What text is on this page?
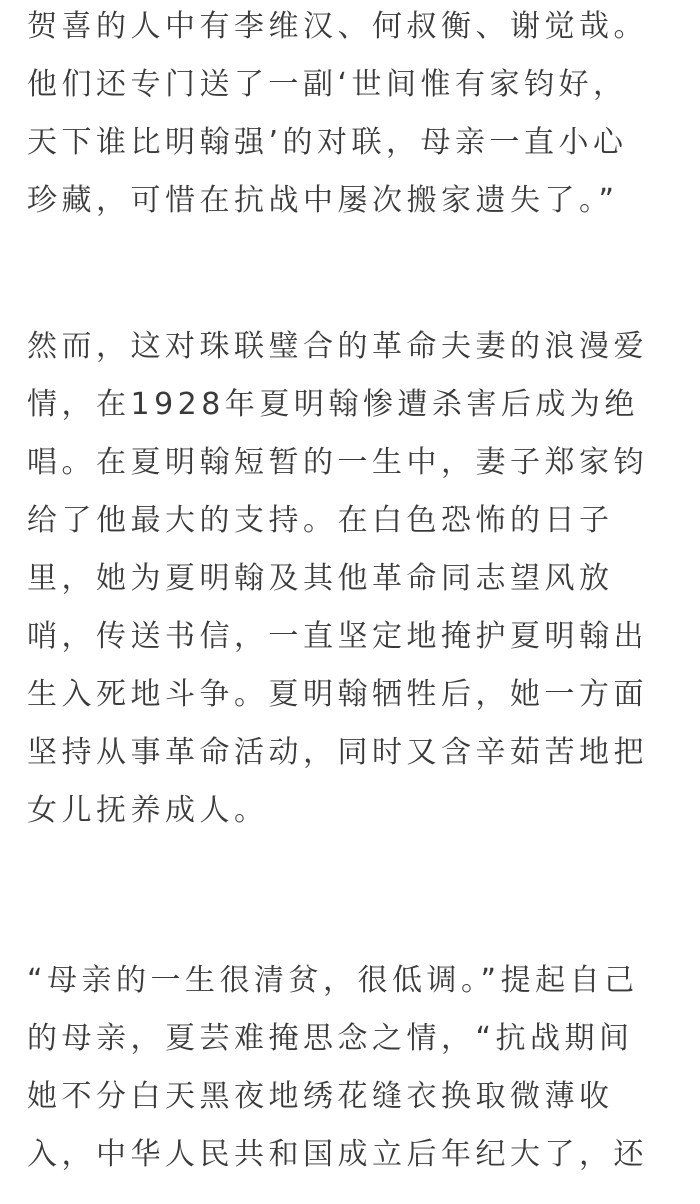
贺喜的人中有李维汉、何叔衡、谢觉哉。
他们还专门送了一副‘世间惟有家钧好，
天下谁比明翰强’的对联，母亲一直小心
珍藏，可惜在抗战中屡次搬家遗失了。”
然而，这对珠联璧合的革命夫妻的浪漫爱
情，在1928年夏明翰惨遭杀害后成为绝
唱。在夏明翰短暂的一生中，妻子郑家钧
给了他最大的支持。在白色恐怖的日子
里，她为夏明翰及其他革命同志望风放
哨，传送书信，一直坚定地掩护夏明翰出
生入死地斗争。夏明翰牺牲后，她一方面
坚持从事革命活动，同时又含辛茹苦地把
女儿抚养成人。
“母亲的一生很清贫，很低调。”提起自己
的母亲，夏芸难掩思念之情，“抗战期间
她不分白天黑夜地绣花缝衣换取微薄收
入，中华人民共和国成立后年纪大了，还
